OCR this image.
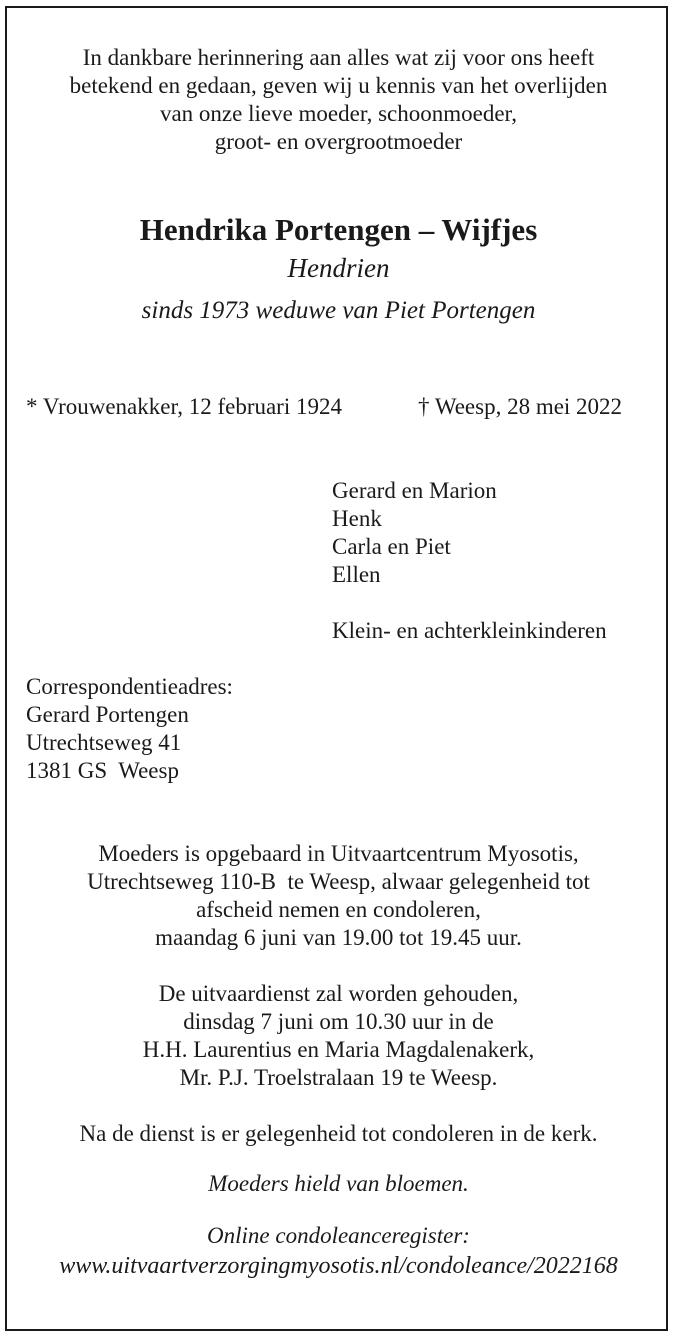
In dankbare herinnering aan alles wat zij voor ons heeft

betekend en gedaan, geven wij u kennis van het overlijden

van onze lieve moeder, schoonmoeder,

groot- en overgrootmoeder

Hendrika Portengen – Wijfjes

Hendrien

sinds 1973 weduwe van Piet Portengen

* Vrouwenakker, 12 februari 1924	† Weesp, 28 mei 2022

Gerard en Marion

Henk

Carla en Piet

Ellen

Klein- en achterkleinkinderen

Correspondentieadres:

Gerard Portengen

Utrechtseweg 41

1381 GS  Weesp

Moeders is opgebaard in Uitvaartcentrum Myosotis,

Utrechtseweg 110-B  te Weesp, alwaar gelegenheid tot

afscheid nemen en condoleren,

maandag 6 juni van 19.00 tot 19.45 uur.

De uitvaardienst zal worden gehouden,

dinsdag 7 juni om 10.30 uur in de

H.H. Laurentius en Maria Magdalenakerk,

Mr. P.J. Troelstralaan 19 te Weesp.

Na de dienst is er gelegenheid tot condoleren in de kerk.

Moeders hield van bloemen.

Online condoleanceregister:

www.uitvaartverzorgingmyosotis.nl/condoleance/2022168
